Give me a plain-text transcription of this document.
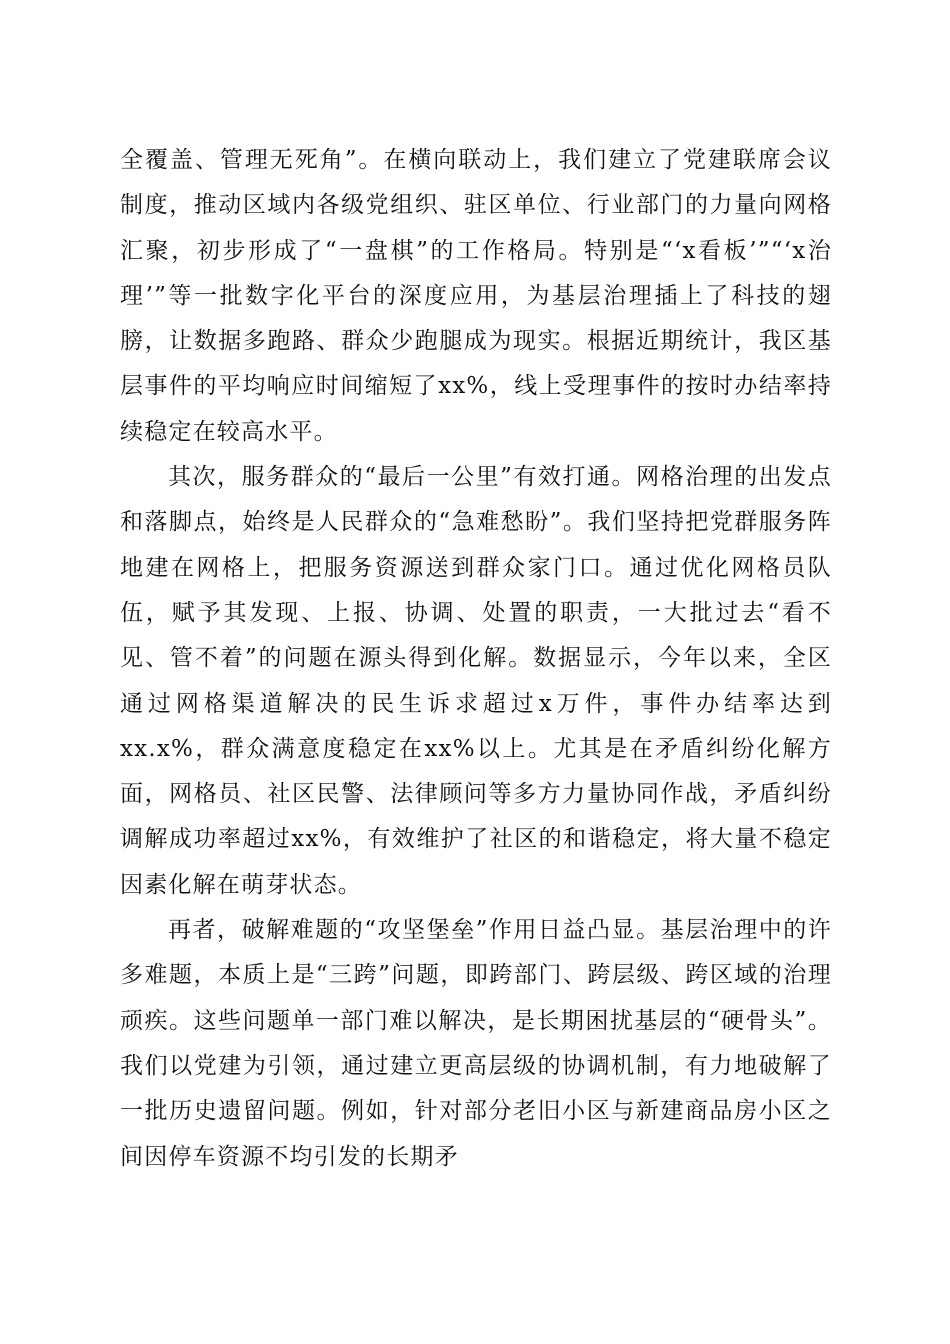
全覆盖、管理无死角”。在横向联动上，我们建立了党建联席会议制度，推动区域内各级党组织、驻区单位、行业部门的力量向网格汇聚，初步形成了“一盘棋”的工作格局。特别是“‘x看板’”“‘x治理’”等一批数字化平台的深度应用，为基层治理插上了科技的翅膀，让数据多跑路、群众少跑腿成为现实。根据近期统计，我区基层事件的平均响应时间缩短了xx%，线上受理事件的按时办结率持续稳定在较高水平。

其次，服务群众的“最后一公里”有效打通。网格治理的出发点和落脚点，始终是人民群众的“急难愁盼”。我们坚持把党群服务阵地建在网格上，把服务资源送到群众家门口。通过优化网格员队伍，赋予其发现、上报、协调、处置的职责，一大批过去“看不见、管不着”的问题在源头得到化解。数据显示，今年以来，全区通过网格渠道解决的民生诉求超过x万件，事件办结率达到xx.x%，群众满意度稳定在xx%以上。尤其是在矛盾纠纷化解方面，网格员、社区民警、法律顾问等多方力量协同作战，矛盾纠纷调解成功率超过xx%，有效维护了社区的和谐稳定，将大量不稳定因素化解在萌芽状态。

再者，破解难题的“攻坚堡垒”作用日益凸显。基层治理中的许多难题，本质上是“三跨”问题，即跨部门、跨层级、跨区域的治理顽疾。这些问题单一部门难以解决，是长期困扰基层的“硬骨头”。我们以党建为引领，通过建立更高层级的协调机制，有力地破解了一批历史遗留问题。例如，针对部分老旧小区与新建商品房小区之间因停车资源不均引发的长期矛
